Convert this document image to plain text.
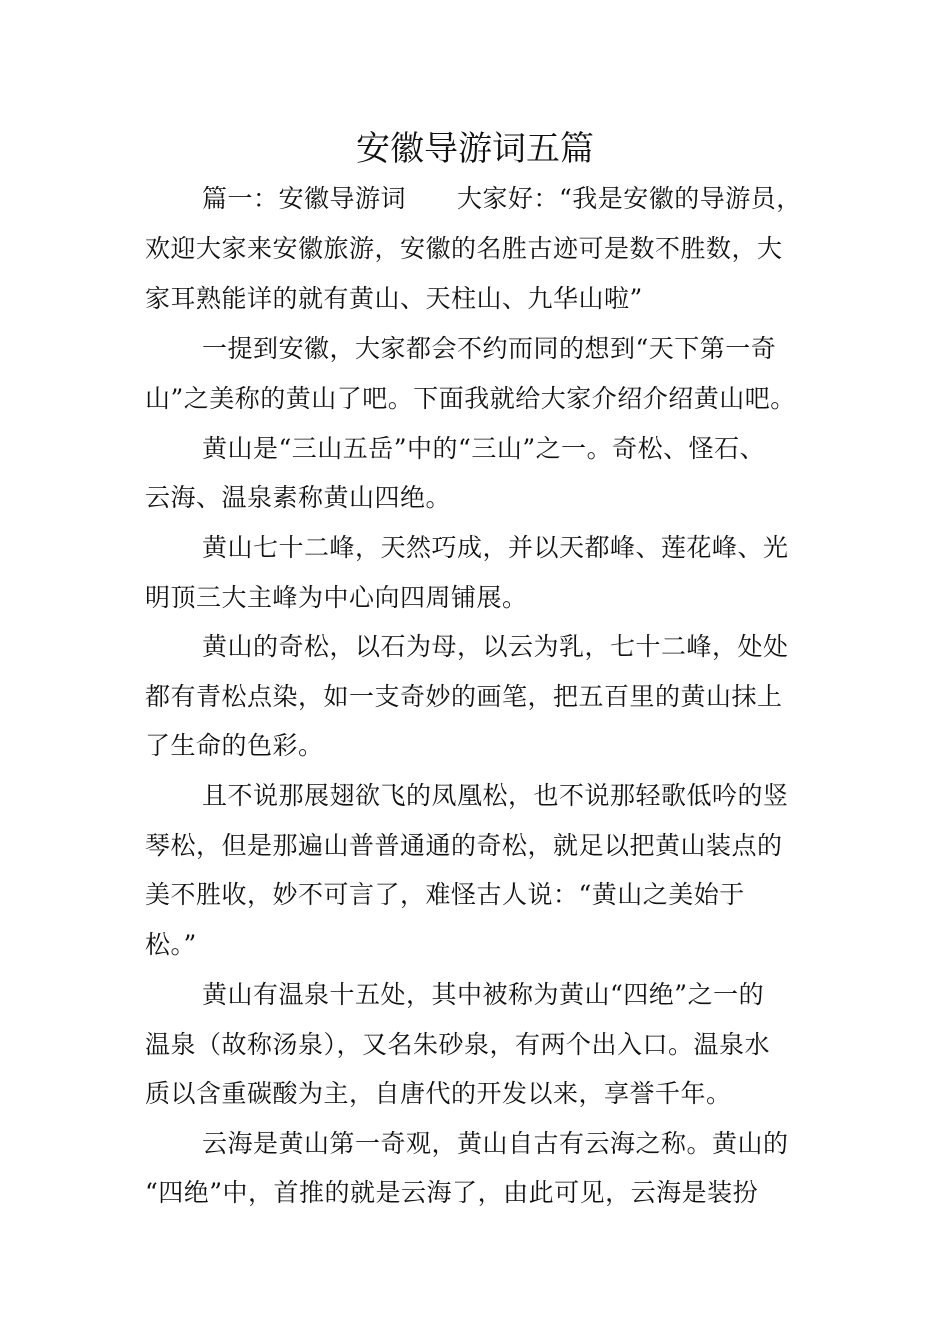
安徽导游词五篇
篇一：安徽导游词　　大家好：“我是安徽的导游员，
欢迎大家来安徽旅游，安徽的名胜古迹可是数不胜数，大
家耳熟能详的就有黄山、天柱山、九华山啦”
一提到安徽，大家都会不约而同的想到“天下第一奇
山”之美称的黄山了吧。下面我就给大家介绍介绍黄山吧。
黄山是“三山五岳”中的“三山”之一。奇松、怪石、
云海、温泉素称黄山四绝。
黄山七十二峰，天然巧成，并以天都峰、莲花峰、光
明顶三大主峰为中心向四周铺展。
黄山的奇松，以石为母，以云为乳，七十二峰，处处
都有青松点染，如一支奇妙的画笔，把五百里的黄山抹上
了生命的色彩。
且不说那展翅欲飞的凤凰松，也不说那轻歌低吟的竖
琴松，但是那遍山普普通通的奇松，就足以把黄山装点的
美不胜收，妙不可言了，难怪古人说：“黄山之美始于
松。”
黄山有温泉十五处，其中被称为黄山“四绝”之一的
温泉（故称汤泉），又名朱砂泉，有两个出入口。温泉水
质以含重碳酸为主，自唐代的开发以来，享誉千年。
云海是黄山第一奇观，黄山自古有云海之称。黄山的
“四绝”中，首推的就是云海了，由此可见，云海是装扮
